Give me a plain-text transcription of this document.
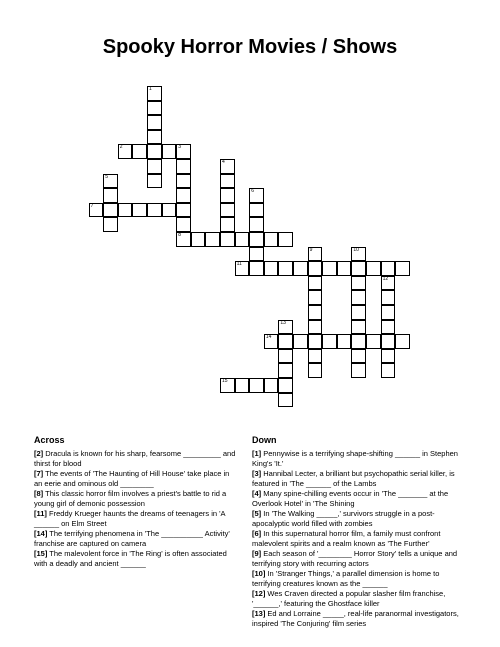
Spooky Horror Movies / Shows
1
2	3
8
4
5
6
7
9	10
11
12
13
14
15
Across
[2] Dracula is known for his sharp, fearsome _________ and thirst for blood
[7] The events of 'The Haunting of Hill House' take place in an eerie and ominous old ________
[8] This classic horror film involves a priest's battle to rid a young girl of demonic possession
[11] Freddy Krueger haunts the dreams of teenagers in 'A ______ on Elm Street
[14] The terrifying phenomena in 'The __________ Activity' franchise are captured on camera
[15] The malevolent force in 'The Ring' is often associated with a deadly and ancient ______
Down
[1] Pennywise is a terrifying shape-shifting ______ in Stephen King's 'It.'
[3] Hannibal Lecter, a brilliant but psychopathic serial killer, is featured in 'The ______ of the Lambs
[4] Many spine-chilling events occur in 'The _______ at the Overlook Hotel' in 'The Shining
[5] In 'The Walking _____,' survivors struggle in a post-apocalyptic world filled with zombies
[6] In this supernatural horror film, a family must confront malevolent spirits and a realm known as 'The Further'
[9] Each season of '________ Horror Story' tells a unique and terrifying story with recurring actors
[10] In 'Stranger Things,' a parallel dimension is home to terrifying creatures known as the ______
[12] Wes Craven directed a popular slasher film franchise, '______,' featuring the Ghostface killer
[13] Ed and Lorraine _____, real-life paranormal investigators, inspired 'The Conjuring' film series
